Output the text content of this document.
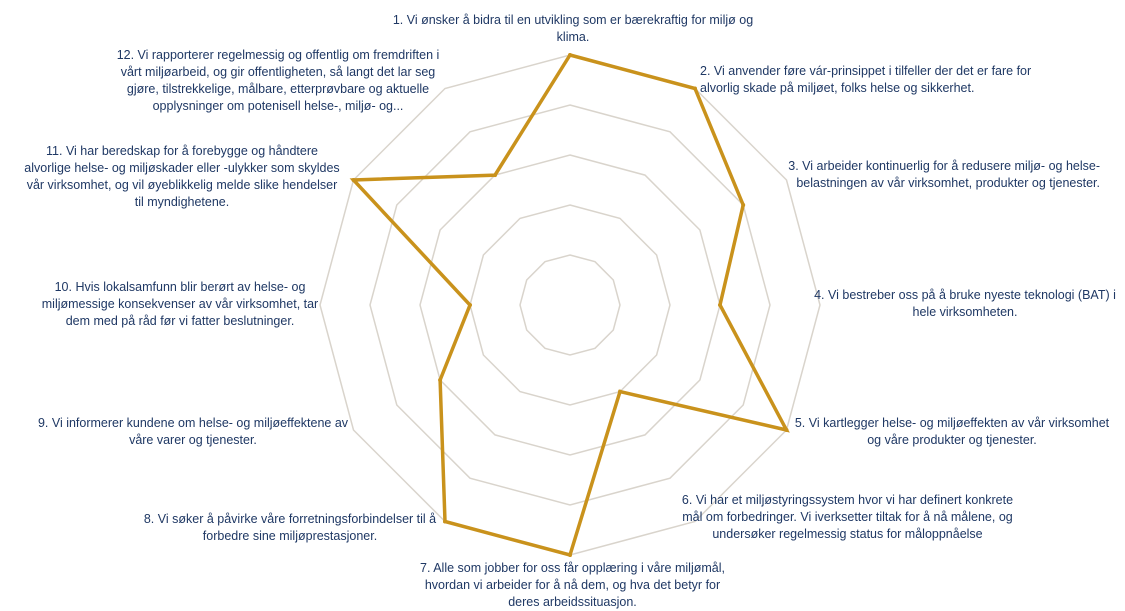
1. Vi ønsker å bidra til en utvikling som er bærekraftig for miljø og klima.
2. Vi anvender føre vár-prinsippet i tilfeller der det er fare for alvorlig skade på miljøet, folks helse og sikkerhet.
3. Vi arbeider kontinuerlig for å redusere miljø- og helse-belastningen av vår virksomhet, produkter og tjenester.
4. Vi bestreber oss på å bruke nyeste teknologi (BAT) i hele virksomheten.
5. Vi kartlegger helse- og miljøeffekten av vår virksomhet og våre produkter og tjenester.
6. Vi har et miljøstyringssystem hvor vi har definert konkrete mål om forbedringer. Vi iverksetter tiltak for å nå målene, og undersøker regelmessig status for måloppnåelse
7. Alle som jobber for oss får opplæring i våre miljømål, hvordan vi arbeider for å nå dem, og hva det betyr for deres arbeidssituasjon.
8. Vi søker å påvirke våre forretningsforbindelser til å forbedre sine miljøprestasjoner.
9. Vi informerer kundene om helse- og miljøeffektene av våre varer og tjenester.
10. Hvis lokalsamfunn blir berørt av helse- og miljømessige konsekvenser av vår virksomhet, tar dem med på råd før vi fatter beslutninger.
11. Vi har beredskap for å forebygge og håndtere alvorlige helse- og miljøskader eller -ulykker som skyldes vår virksomhet, og vil øyeblikkelig melde slike hendelser til myndighetene.
12. Vi rapporterer regelmessig og offentlig om fremdriften i vårt miljøarbeid, og gir offentligheten, så langt det lar seg gjøre, tilstrekkelige, målbare, etterprøvbare og aktuelle opplysninger om potenisell helse-, miljø- og...
